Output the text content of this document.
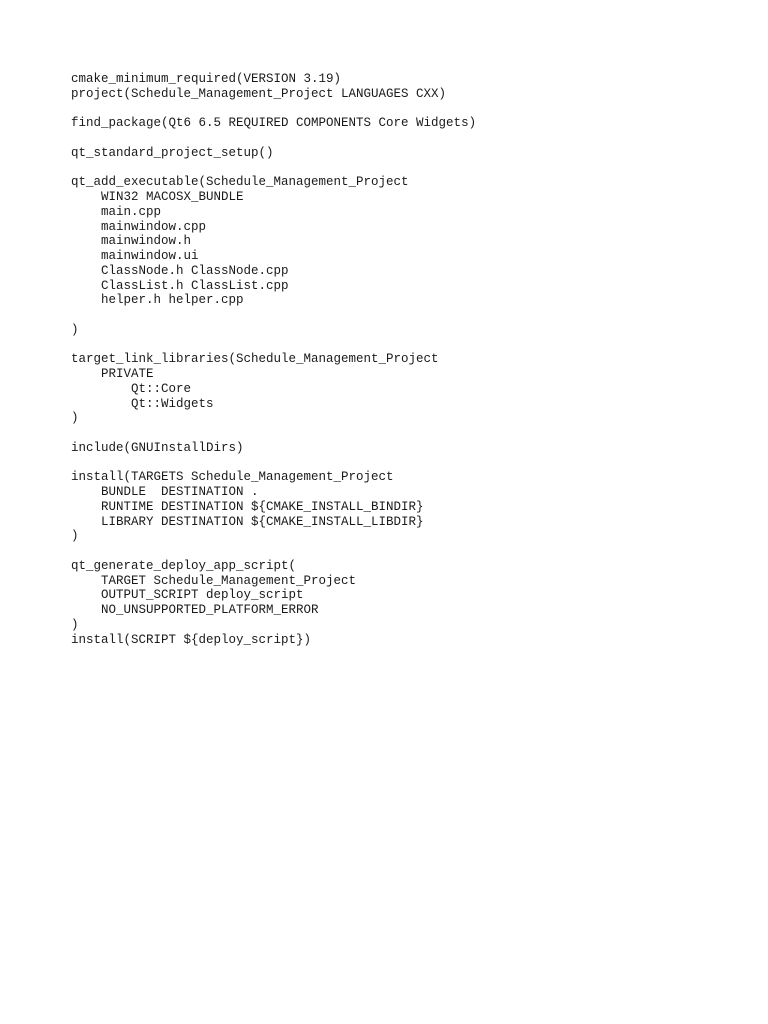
cmake_minimum_required(VERSION 3.19)
project(Schedule_Management_Project LANGUAGES CXX)
find_package(Qt6 6.5 REQUIRED COMPONENTS Core Widgets)
qt_standard_project_setup()
qt_add_executable(Schedule_Management_Project
WIN32 MACOSX_BUNDLE
main.cpp
mainwindow.cpp
mainwindow.h
mainwindow.ui
ClassNode.h ClassNode.cpp
ClassList.h ClassList.cpp
helper.h helper.cpp
)
target_link_libraries(Schedule_Management_Project
PRIVATE
Qt::Core
Qt::Widgets
)
include(GNUInstallDirs)
install(TARGETS Schedule_Management_Project
BUNDLE  DESTINATION .
RUNTIME DESTINATION ${CMAKE_INSTALL_BINDIR}
LIBRARY DESTINATION ${CMAKE_INSTALL_LIBDIR}
)
qt_generate_deploy_app_script(
TARGET Schedule_Management_Project
OUTPUT_SCRIPT deploy_script
NO_UNSUPPORTED_PLATFORM_ERROR
)
install(SCRIPT ${deploy_script})
